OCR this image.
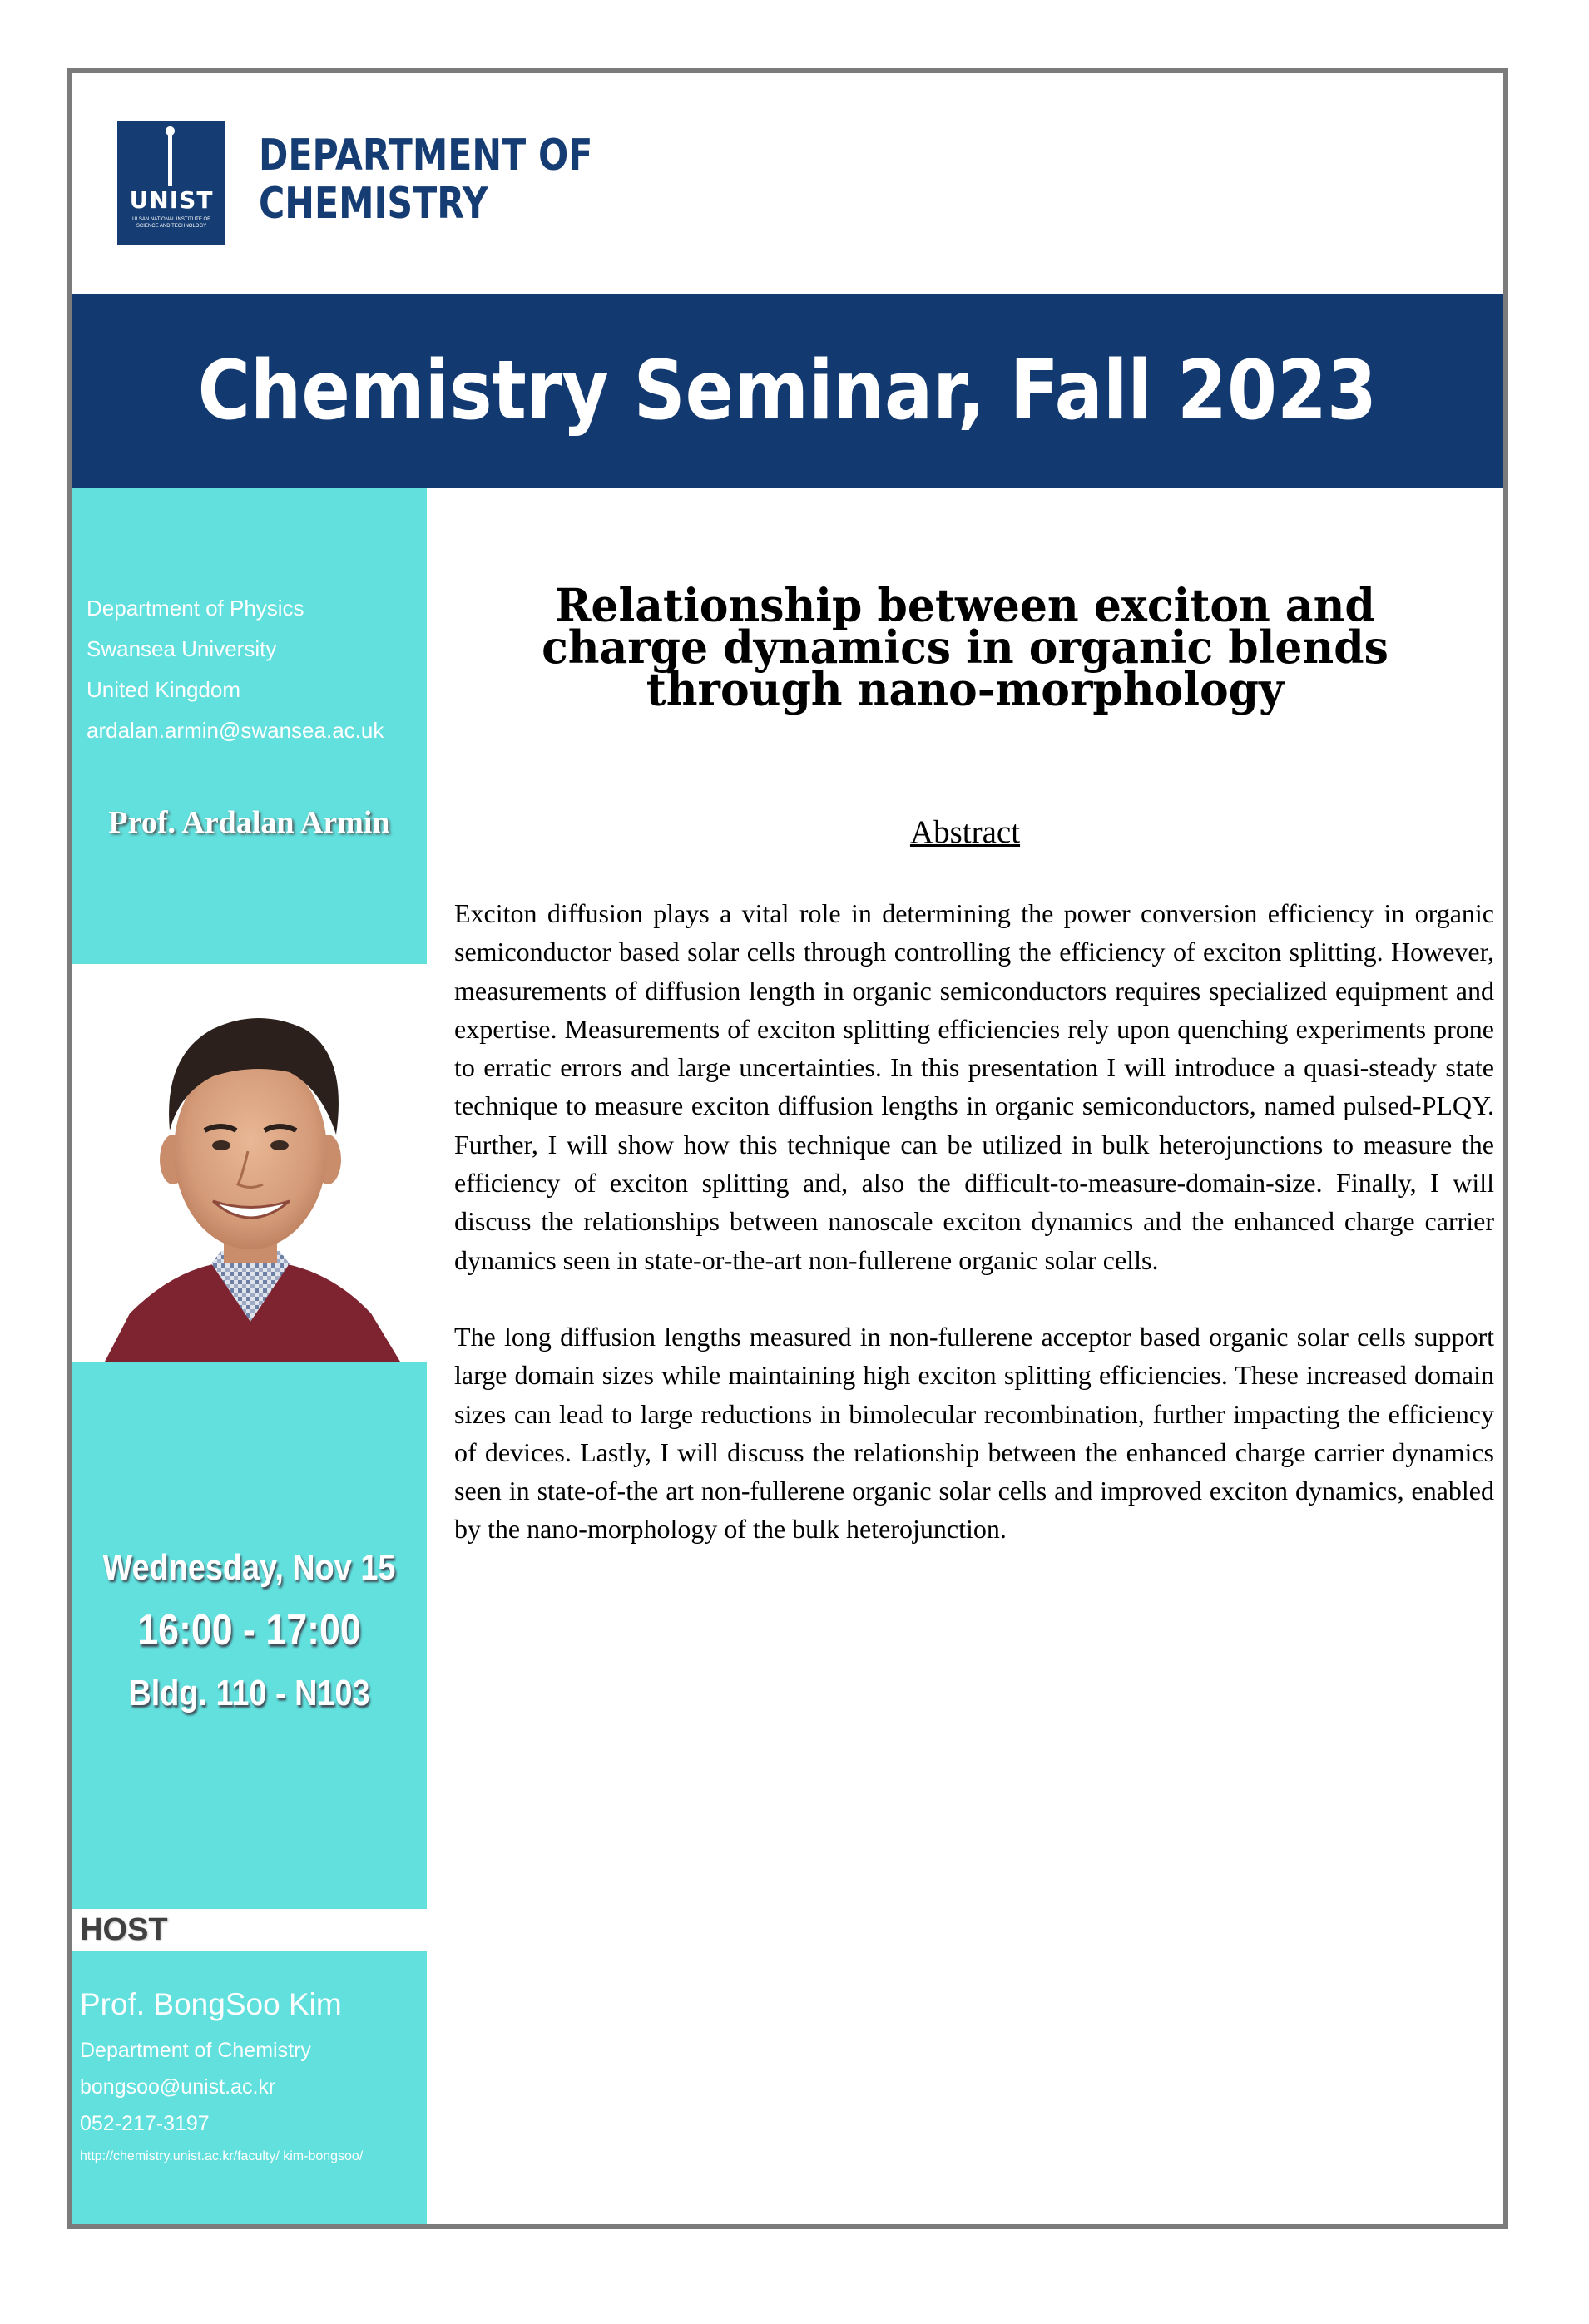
UNIST
ULSAN NATIONAL INSTITUTE OF SCIENCE AND TECHNOLOGY
DEPARTMENT OF
CHEMISTRY
Chemistry Seminar, Fall 2023
Department of Physics
Swansea University
United Kingdom
ardalan.armin@swansea.ac.uk
Prof. Ardalan Armin
Wednesday, Nov 15
16:00 - 17:00
Bldg. 110 - N103
HOST
Prof. BongSoo Kim
Department of Chemistry
bongsoo@unist.ac.kr
052-217-3197
http://chemistry.unist.ac.kr/faculty/ kim-bongsoo/
Relationship between exciton and
charge dynamics in organic blends
through nano-morphology
Abstract

Exciton diffusion plays a vital role in determining the power conversion efficiency in organic semiconductor based solar cells through controlling the efficiency of exciton splitting. However, measurements of diffusion length in organic semiconductors requires specialized equipment and expertise. Measurements of exciton splitting efficiencies rely upon quenching experiments prone to erratic errors and large uncertainties. In this presentation I will introduce a quasi-steady state technique to measure exciton diffusion lengths in organic semiconductors, named pulsed-PLQY. Further, I will show how this technique can be utilized in bulk heterojunctions to measure the efficiency of exciton splitting and, also the difficult-to-measure-domain-size. Finally, I will discuss the relationships between nanoscale exciton dynamics and the enhanced charge carrier dynamics seen in state-or-the-art non-fullerene organic solar cells.

The long diffusion lengths measured in non-fullerene acceptor based organic solar cells support large domain sizes while maintaining high exciton splitting efficiencies. These increased domain sizes can lead to large reductions in bimolecular recombination, further impacting the efficiency of devices. Lastly, I will discuss the relationship between the enhanced charge carrier dynamics seen in state-of-the art non-fullerene organic solar cells and improved exciton dynamics, enabled by the nano-morphology of the bulk heterojunction.
